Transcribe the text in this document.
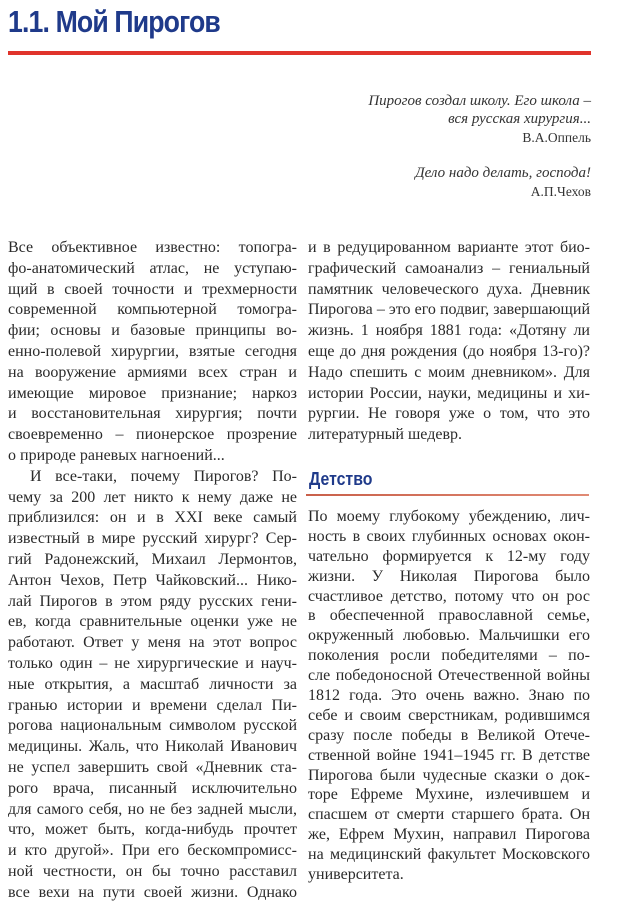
1.1. Мой Пирогов
Пирогов создал школу. Его школа –
вся русская хирургия...
В.А.Оппель
Дело надо делать, господа!
А.П.Чехов
Все объективное известно: топогра-
фо-анатомический атлас, не уступаю-
щий в своей точности и трехмерности
современной компьютерной томогра-
фии; основы и базовые принципы во-
енно-полевой хирургии, взятые сегодня
на вооружение армиями всех стран и
имеющие мировое признание; наркоз
и восстановительная хирургия; почти
своевременно – пионерское прозрение
о природе раневых нагноений...
И все-таки, почему Пирогов? По-
чему за 200 лет никто к нему даже не
приблизился: он и в XXI веке самый
известный в мире русский хирург? Сер-
гий Радонежский, Михаил Лермонтов,
Антон Чехов, Петр Чайковский... Нико-
лай Пирогов в этом ряду русских гени-
ев, когда сравнительные оценки уже не
работают. Ответ у меня на этот вопрос
только один – не хирургические и науч-
ные открытия, а масштаб личности за
гранью истории и времени сделал Пи-
рогова национальным символом русской
медицины. Жаль, что Николай Иванович
не успел завершить свой «Дневник ста-
рого врача, писанный исключительно
для самого себя, но не без задней мысли,
что, может быть, когда-нибудь прочтет
и кто другой». При его бескомпромисс-
ной честности, он бы точно расставил
все вехи на пути своей жизни. Однако
и в редуцированном варианте этот био-
графический самоанализ – гениальный
памятник человеческого духа. Дневник
Пирогова – это его подвиг, завершающий
жизнь. 1 ноября 1881 года: «Дотяну ли
еще до дня рождения (до ноября 13-го)?
Надо спешить с моим дневником». Для
истории России, науки, медицины и хи-
рургии. Не говоря уже о том, что это
литературный шедевр.
Детство
По моему глубокому убеждению, лич-
ность в своих глубинных основах окон-
чательно формируется к 12-му году
жизни. У Николая Пирогова было
счастливое детство, потому что он рос
в обеспеченной православной семье,
окруженный любовью. Мальчишки его
поколения росли победителями – по-
сле победоносной Отечественной войны
1812 года. Это очень важно. Знаю по
себе и своим сверстникам, родившимся
сразу после победы в Великой Отече-
ственной войне 1941–1945 гг. В детстве
Пирогова были чудесные сказки о док-
торе Ефреме Мухине, излечившем и
спасшем от смерти старшего брата. Он
же, Ефрем Мухин, направил Пирогова
на медицинский факультет Московского
университета.
